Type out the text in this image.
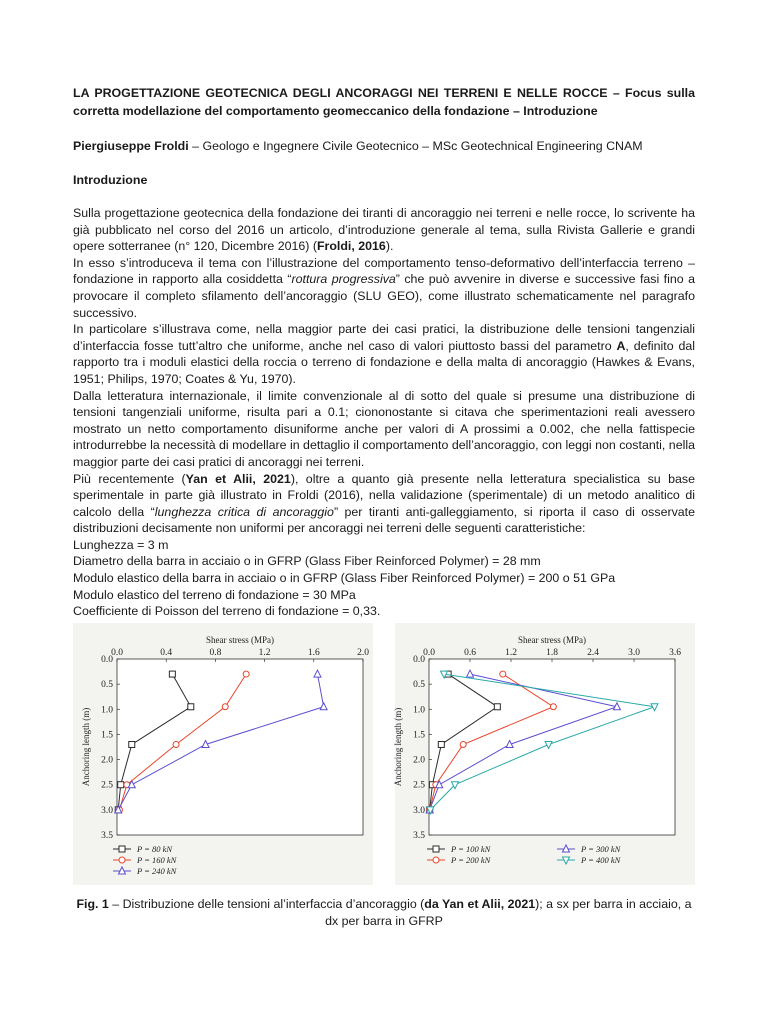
LA PROGETTAZIONE GEOTECNICA DEGLI ANCORAGGI NEI TERRENI E NELLE ROCCE – Focus sulla corretta modellazione del comportamento geomeccanico della fondazione – Introduzione

Piergiuseppe Froldi – Geologo e Ingegnere Civile Geotecnico – MSc Geotechnical Engineering CNAM

Introduzione

Sulla progettazione geotecnica della fondazione dei tiranti di ancoraggio nei terreni e nelle rocce, lo scrivente ha già pubblicato nel corso del 2016 un articolo, d’introduzione generale al tema, sulla Rivista Gallerie e grandi opere sotterranee (n° 120, Dicembre 2016) (Froldi, 2016).

In esso s’introduceva il tema con l’illustrazione del comportamento tenso-deformativo dell’interfaccia terreno – fondazione in rapporto alla cosiddetta “rottura progressiva” che può avvenire in diverse e successive fasi fino a provocare il completo sfilamento dell’ancoraggio (SLU GEO), come illustrato schematicamente nel paragrafo successivo.

In particolare s’illustrava come, nella maggior parte dei casi pratici, la distribuzione delle tensioni tangenziali d’interfaccia fosse tutt’altro che uniforme, anche nel caso di valori piuttosto bassi del parametro A, definito dal rapporto tra i moduli elastici della roccia o terreno di fondazione e della malta di ancoraggio (Hawkes & Evans, 1951; Philips, 1970; Coates & Yu, 1970).

Dalla letteratura internazionale, il limite convenzionale al di sotto del quale si presume una distribuzione di tensioni tangenziali uniforme, risulta pari a 0.1; ciononostante si citava che sperimentazioni reali avessero mostrato un netto comportamento disuniforme anche per valori di A prossimi a 0.002, che nella fattispecie introdurrebbe la necessità di modellare in dettaglio il comportamento dell’ancoraggio, con leggi non costanti, nella maggior parte dei casi pratici di ancoraggi nei terreni.

Più recentemente (Yan et Alii, 2021), oltre a quanto già presente nella letteratura specialistica su base sperimentale in parte già illustrato in Froldi (2016), nella validazione (sperimentale) di un metodo analitico di calcolo della “lunghezza critica di ancoraggio” per tiranti anti-galleggiamento, si riporta il caso di osservate distribuzioni decisamente non uniformi per ancoraggi nei terreni delle seguenti caratteristiche:

Lunghezza = 3 m

Diametro della barra in acciaio o in GFRP (Glass Fiber Reinforced Polymer) = 28 mm

Modulo elastico della barra in acciaio o in GFRP (Glass Fiber Reinforced Polymer) = 200 o 51 GPa

Modulo elastico del terreno di fondazione = 30 MPa

Coefficiente di Poisson del terreno di fondazione = 0,33.

0.0	0.4	0.8	1.2	1.6	2.0
Shear stress (MPa)
0.0
0.5
1.0
1.5
2.0
2.5
3.0
3.5
Anchoring length (m)
P = 80 kN
P = 160 kN
P = 240 kN
0.0	0.6	1.2	1.8	2.4	3.0	3.6
Shear stress (MPa)
0.0
0.5
1.0
1.5
2.0
2.5
3.0
3.5
Anchoring length (m)
P = 100 kN
P = 200 kN
P = 300 kN
P = 400 kN
Fig. 1 – Distribuzione delle tensioni al’interfaccia d’ancoraggio (da Yan et Alii, 2021); a sx per barra in acciaio, a dx per barra in GFRP
